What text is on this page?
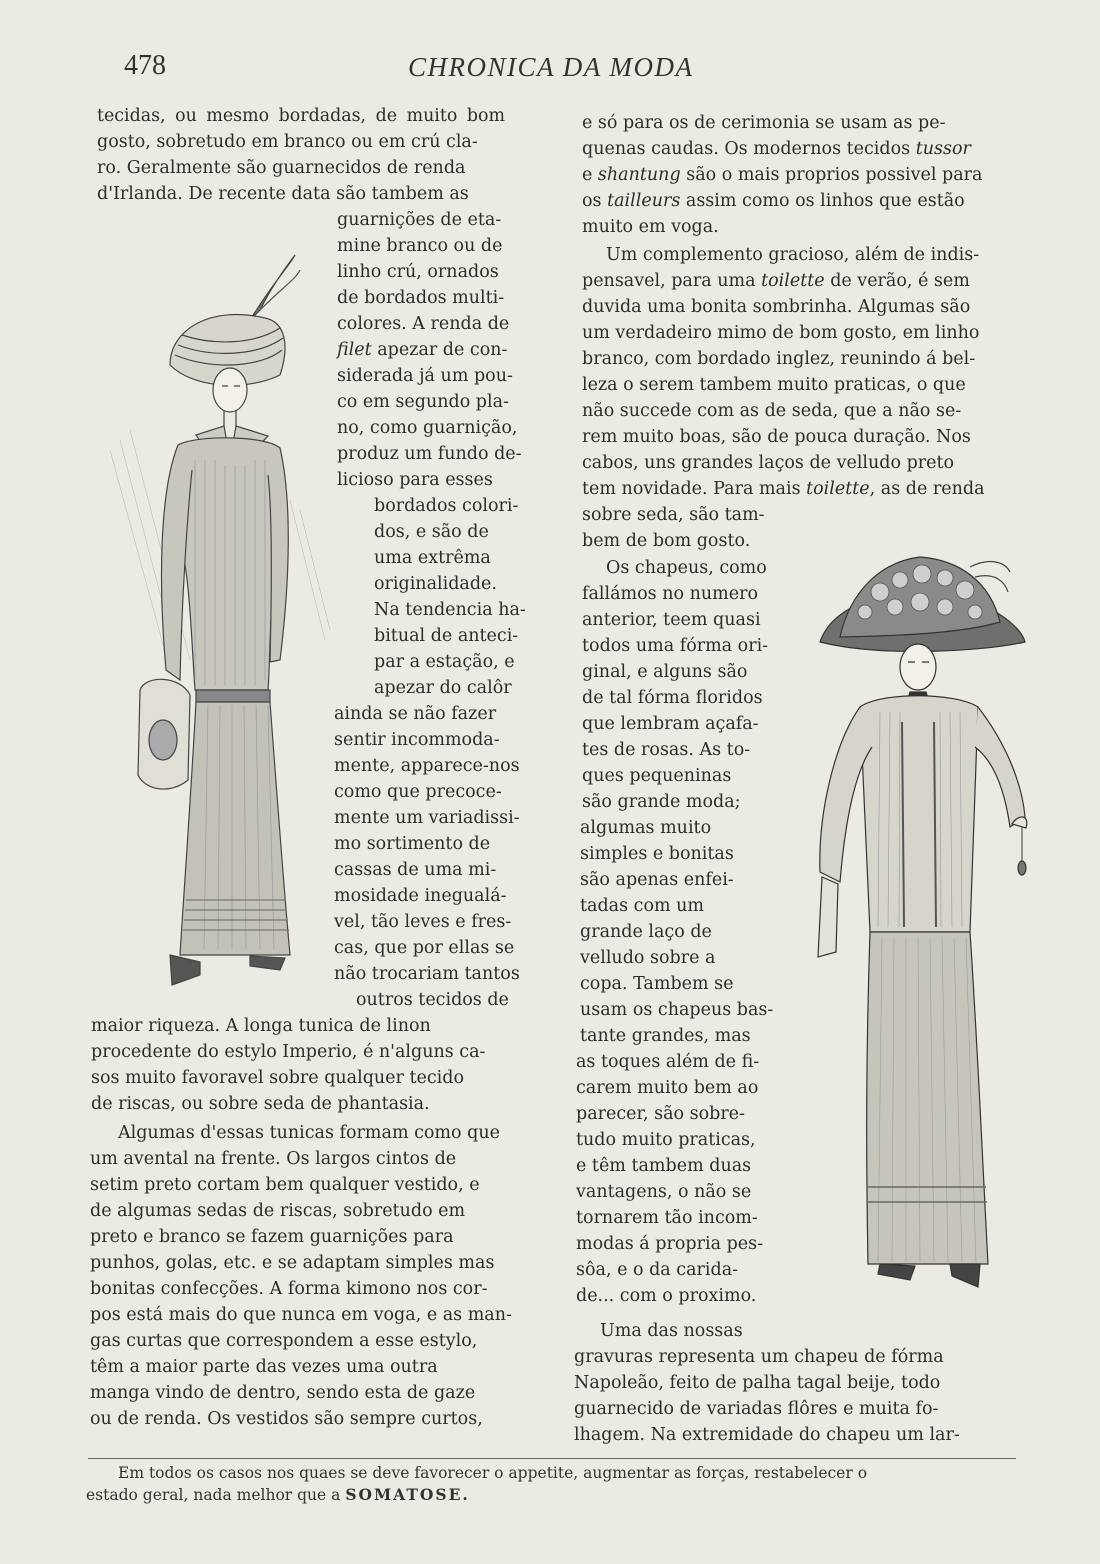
478	CHRONICA DA MODA
tecidas, ou mesmo bordadas, de muito bom
gosto, sobretudo em branco ou em crú cla-
ro. Geralmente são guarnecidos de renda
d'Irlanda. De recente data são tambem as
guarnições de eta-
mine branco ou de
linho crú, ornados
de bordados multi-
colores. A renda de
filet apezar de con-
siderada já um pou-
co em segundo pla-
no, como guarnição,
produz um fundo de-
licioso para esses
bordados colori-
dos, e são de
uma extrêma
originalidade.
Na tendencia ha-
bitual de anteci-
par a estação, e
apezar do calôr
ainda se não fazer
sentir incommoda-
mente, apparece-nos
como que precoce-
mente um variadissi-
mo sortimento de
cassas de uma mi-
mosidade inegualá-
vel, tão leves e fres-
cas, que por ellas se
não trocariam tantos
outros tecidos de
maior riqueza. A longa tunica de linon
procedente do estylo Imperio, é n'alguns ca-
sos muito favoravel sobre qualquer tecido
de riscas, ou sobre seda de phantasia.
Algumas d'essas tunicas formam como que
um avental na frente. Os largos cintos de
setim preto cortam bem qualquer vestido, e
de algumas sedas de riscas, sobretudo em
preto e branco se fazem guarnições para
punhos, golas, etc. e se adaptam simples mas
bonitas confecções. A forma kimono nos cor-
pos está mais do que nunca em voga, e as man-
gas curtas que correspondem a esse estylo,
têm a maior parte das vezes uma outra
manga vindo de dentro, sendo esta de gaze
ou de renda. Os vestidos são sempre curtos,
e só para os de cerimonia se usam as pe-
quenas caudas. Os modernos tecidos tussor
e shantung são o mais proprios possivel para
os tailleurs assim como os linhos que estão
muito em voga.
Um complemento gracioso, além de indis-
pensavel, para uma toilette de verão, é sem
duvida uma bonita sombrinha. Algumas são
um verdadeiro mimo de bom gosto, em linho
branco, com bordado inglez, reunindo á bel-
leza o serem tambem muito praticas, o que
não succede com as de seda, que a não se-
rem muito boas, são de pouca duração. Nos
cabos, uns grandes laços de velludo preto
tem novidade. Para mais toilette, as de renda
sobre seda, são tam-
bem de bom gosto.
Os chapeus, como
fallámos no numero
anterior, teem quasi
todos uma fórma ori-
ginal, e alguns são
de tal fórma floridos
que lembram açafa-
tes de rosas. As to-
ques pequeninas
são grande moda;
algumas muito
simples e bonitas
são apenas enfei-
tadas com um
grande laço de
velludo sobre a
copa. Tambem se
usam os chapeus bas-
tante grandes, mas
as toques além de fi-
carem muito bem ao
parecer, são sobre-
tudo muito praticas,
e têm tambem duas
vantagens, o não se
tornarem tão incom-
modas á propria pes-
sôa, e o da carida-
de... com o proximo.
Uma das nossas
gravuras representa um chapeu de fórma
Napoleão, feito de palha tagal beije, todo
guarnecido de variadas flôres e muita fo-
lhagem. Na extremidade do chapeu um lar-
Em todos os casos nos quaes se deve favorecer o appetite, augmentar as forças, restabelecer o
estado geral, nada melhor que a SOMATOSE.
